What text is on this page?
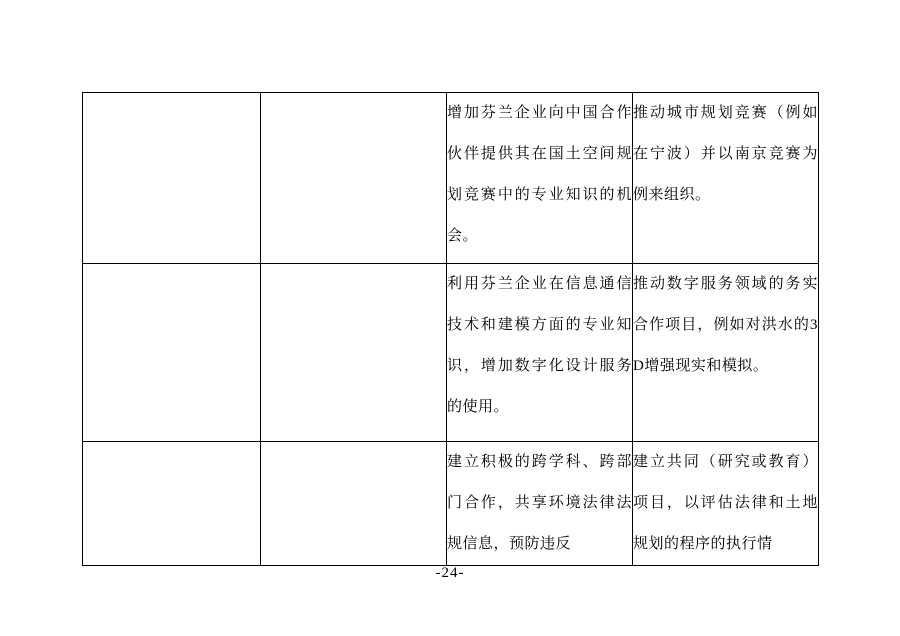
		增加芬兰企业向中国合作伙伴提供其在国土空间规划竞赛中的专业知识的机会。	推动城市规划竞赛（例如在宁波）并以南京竞赛为例来组织。
		利用芬兰企业在信息通信技术和建模方面的专业知识，增加数字化设计服务的使用。	推动数字服务领域的务实合作项目，例如对洪水的3D增强现实和模拟。
		建立积极的跨学科、跨部门合作，共享环境法律法规信息，预防违反	建立共同（研究或教育）项目，以评估法律和土地规划的程序的执行情
-24-
